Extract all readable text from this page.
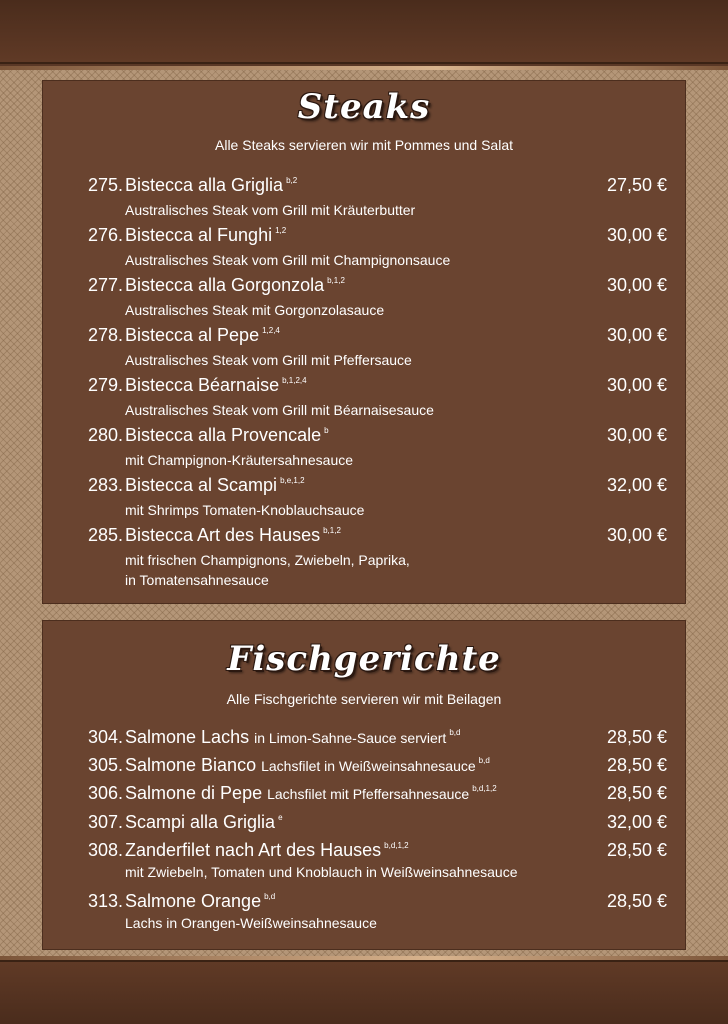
Steaks
Alle Steaks servieren wir mit Pommes und Salat
275. Bistecca alla Griglia $^{b,2}$	27,50 €
Australisches Steak vom Grill mit Kräuterbutter
276. Bistecca al Funghi $^{1,2}$	30,00 €
Australisches Steak vom Grill mit Champignonsauce
277. Bistecca alla Gorgonzola $^{b,1,2}$	30,00 €
Australisches Steak mit Gorgonzolasauce
278. Bistecca al Pepe $^{1,2,4}$	30,00 €
Australisches Steak vom Grill mit Pfeffersauce
279. Bistecca Béarnaise $^{b,1,2,4}$	30,00 €
Australisches Steak vom Grill mit Béarnaisesauce
280. Bistecca alla Provencale $^b$	30,00 €
mit Champignon-Kräutersahnesauce
283. Bistecca al Scampi $^{b,e,1,2}$	32,00 €
mit Shrimps Tomaten-Knoblauchsauce
285. Bistecca Art des Hauses $^{b,1,2}$	30,00 €
mit frischen Champignons, Zwiebeln, Paprika,
in Tomatensahnesauce
Fischgerichte
Alle Fischgerichte servieren wir mit Beilagen
304. Salmone Lachs in Limon-Sahne-Sauce serviert $^{b,d}$	28,50 €
305. Salmone Bianco Lachsfilet in Weißweinsahnesauce $^{b,d}$	28,50 €
306. Salmone di Pepe Lachsfilet mit Pfeffersahnesauce $^{b,d,1,2}$	28,50 €
307. Scampi alla Griglia $^e$	32,00 €
308. Zanderfilet nach Art des Hauses $^{b,d,1,2}$	28,50 €
mit Zwiebeln, Tomaten und Knoblauch in Weißweinsahnesauce
313. Salmone Orange $^{b,d}$	28,50 €
Lachs in Orangen-Weißweinsahnesauce
